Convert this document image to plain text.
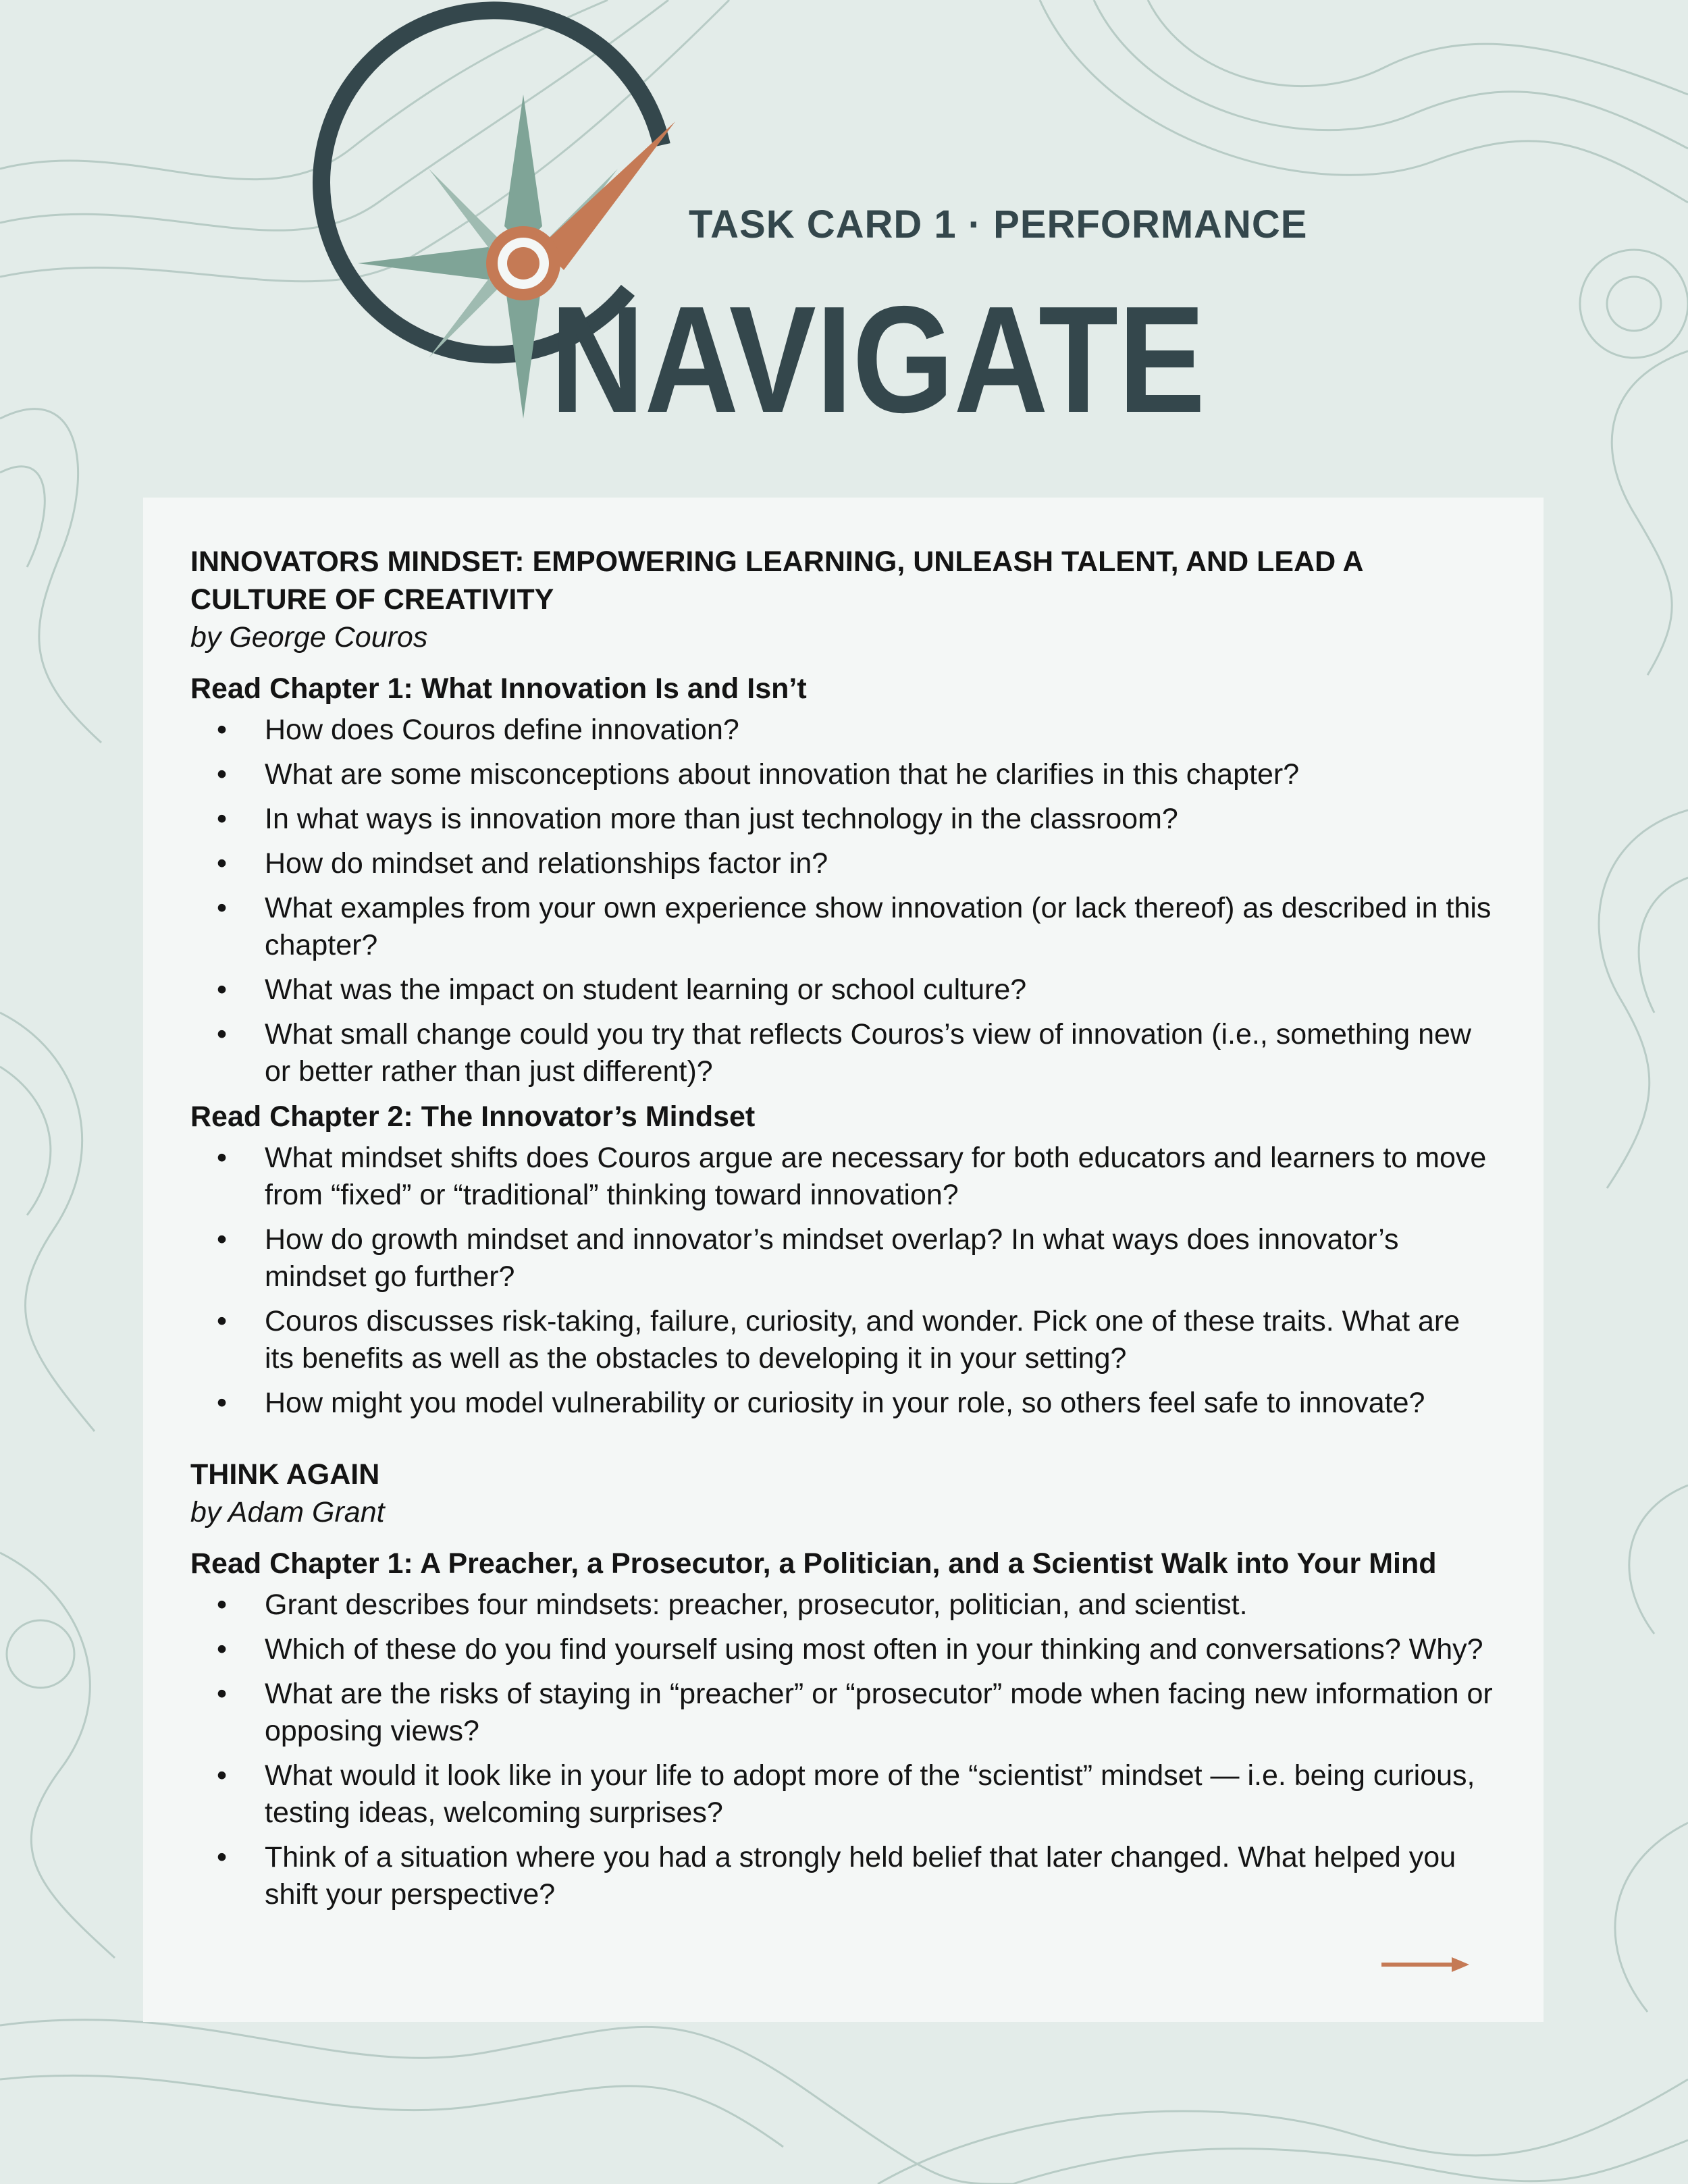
TASK CARD 1 · PERFORMANCE
NAVIGATE

INNOVATORS MINDSET: EMPOWERING LEARNING, UNLEASH TALENT, AND LEAD A CULTURE OF CREATIVITY

by George Couros

Read Chapter 1: What Innovation Is and Isn’t

• How does Couros define innovation?
• What are some misconceptions about innovation that he clarifies in this chapter?
• In what ways is innovation more than just technology in the classroom?
• How do mindset and relationships factor in?
• What examples from your own experience show innovation (or lack thereof) as described in this chapter?
• What was the impact on student learning or school culture?
• What small change could you try that reflects Couros’s view of innovation (i.e., something new or better rather than just different)?

Read Chapter 2: The Innovator’s Mindset

• What mindset shifts does Couros argue are necessary for both educators and learners to move from “fixed” or “traditional” thinking toward innovation?
• How do growth mindset and innovator’s mindset overlap? In what ways does innovator’s mindset go further?
• Couros discusses risk-taking, failure, curiosity, and wonder. Pick one of these traits. What are its benefits as well as the obstacles to developing it in your setting?
• How might you model vulnerability or curiosity in your role, so others feel safe to innovate?

THINK AGAIN

by Adam Grant

Read Chapter 1: A Preacher, a Prosecutor, a Politician, and a Scientist Walk into Your Mind

• Grant describes four mindsets: preacher, prosecutor, politician, and scientist.
• Which of these do you find yourself using most often in your thinking and conversations? Why?
• What are the risks of staying in “preacher” or “prosecutor” mode when facing new information or opposing views?
• What would it look like in your life to adopt more of the “scientist” mindset — i.e. being curious, testing ideas, welcoming surprises?
• Think of a situation where you had a strongly held belief that later changed. What helped you shift your perspective?
